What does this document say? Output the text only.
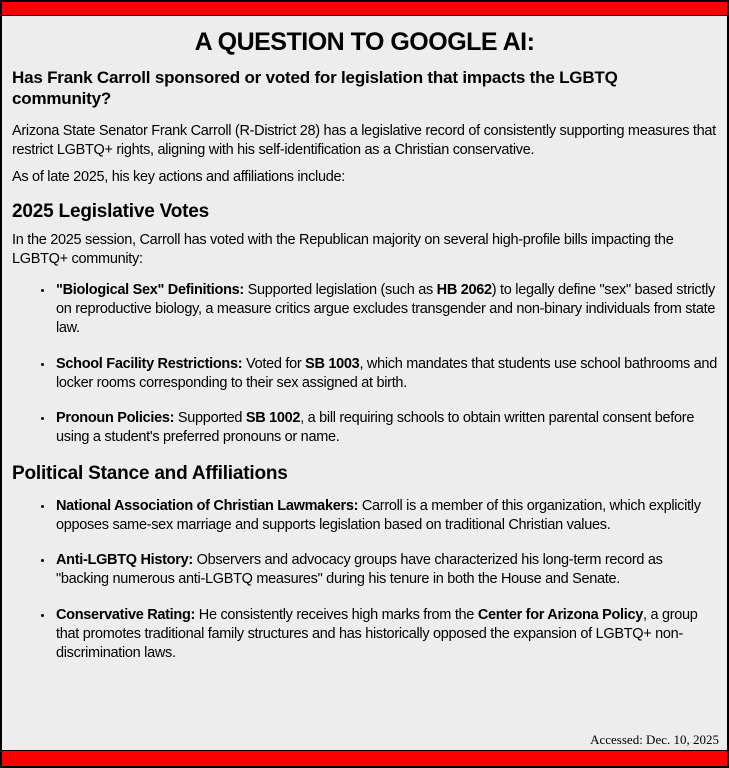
A QUESTION TO GOOGLE AI:
Has Frank Carroll sponsored or voted for legislation that impacts the LGBTQ community?

Arizona State Senator Frank Carroll (R-District 28) has a legislative record of consistently supporting measures that restrict LGBTQ+ rights, aligning with his self-identification as a Christian conservative.

As of late 2025, his key actions and affiliations include:

2025 Legislative Votes

In the 2025 session, Carroll has voted with the Republican majority on several high-profile bills impacting the LGBTQ+ community:

• "Biological Sex" Definitions: Supported legislation (such as HB 2062) to legally define "sex" based strictly on reproductive biology, a measure critics argue excludes transgender and non-binary individuals from state law.
• School Facility Restrictions: Voted for SB 1003, which mandates that students use school bathrooms and locker rooms corresponding to their sex assigned at birth.
• Pronoun Policies: Supported SB 1002, a bill requiring schools to obtain written parental consent before using a student's preferred pronouns or name.
Political Stance and Affiliations
• National Association of Christian Lawmakers: Carroll is a member of this organization, which explicitly opposes same-sex marriage and supports legislation based on traditional Christian values.
• Anti-LGBTQ History: Observers and advocacy groups have characterized his long-term record as "backing numerous anti-LGBTQ measures" during his tenure in both the House and Senate.
• Conservative Rating: He consistently receives high marks from the Center for Arizona Policy, a group that promotes traditional family structures and has historically opposed the expansion of LGBTQ+ non-discrimination laws.
Accessed: Dec. 10, 2025
